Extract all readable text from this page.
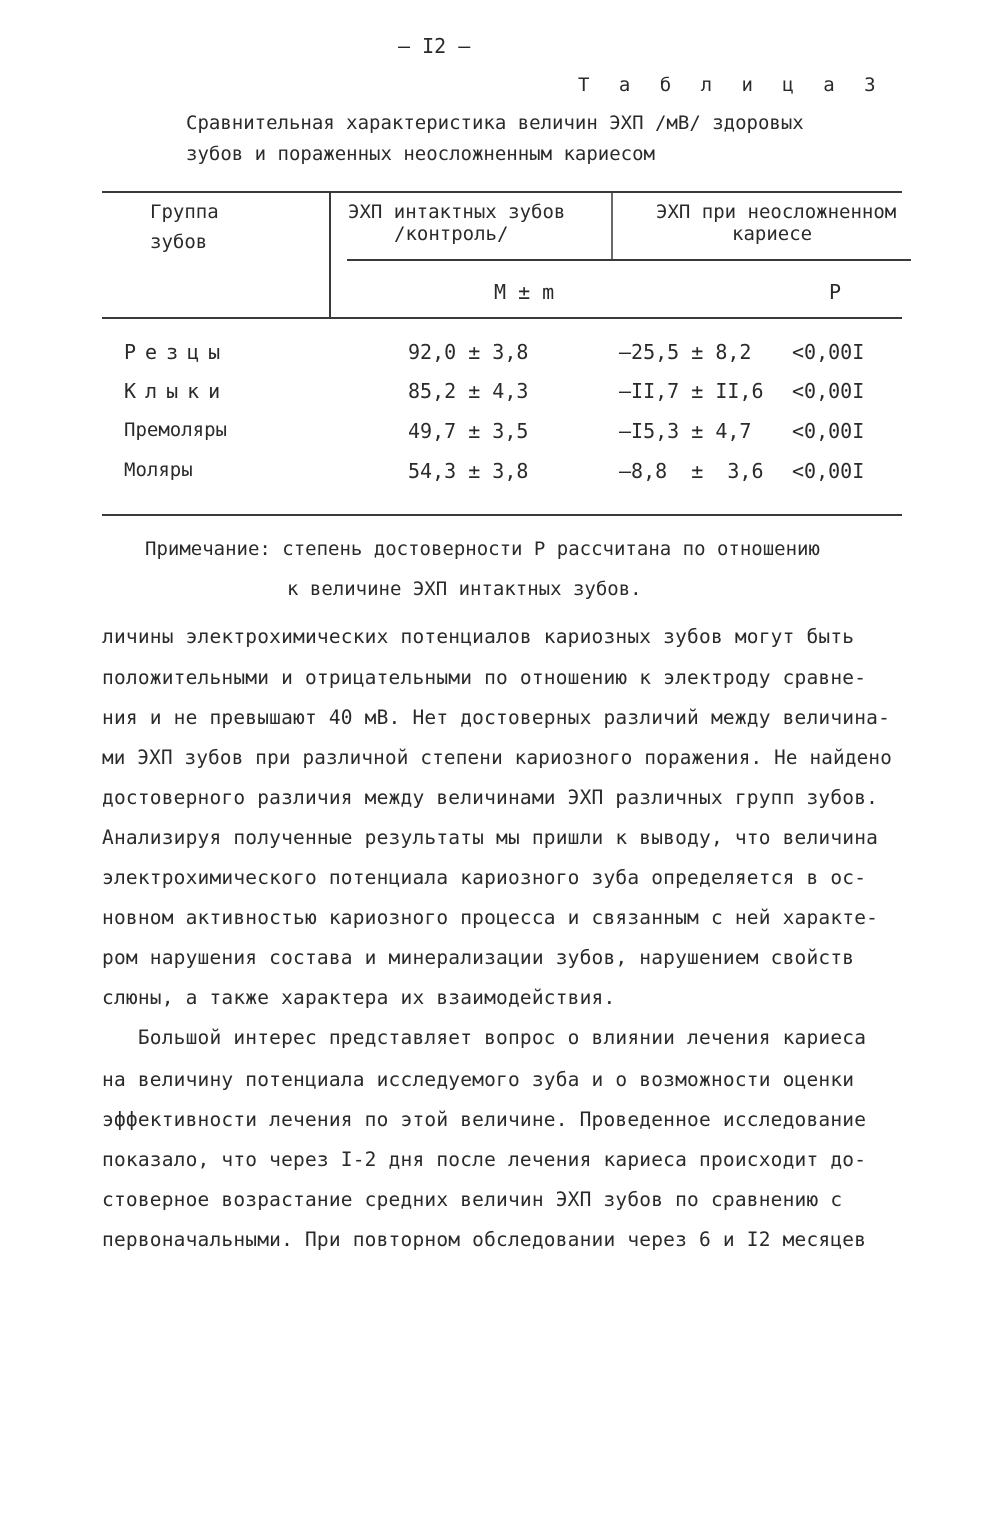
– I2 –
Т а б л и ц а 3
Сравнительная характеристика величин ЭХП /мВ/ здоровых
зубов и пораженных неосложненным кариесом
Группа
зубов
ЭХП интактных зубов
/контроль/
ЭХП при неосложненном
кариесе
M ± m	P
Резцы	92,0 ± 3,8	–25,5 ± 8,2 <0,00I
Клыки	85,2 ± 4,3	–II,7 ± II,6 <0,00I
Премоляры	49,7 ± 3,5	–I5,3 ± 4,7 <0,00I
Моляры	54,3 ± 3,8	–8,8  ±  3,6 <0,00I
Примечание: степень достоверности Р рассчитана по отношению
к величине ЭХП интактных зубов.
личины электрохимических потенциалов кариозных зубов могут быть
положительными и отрицательными по отношению к электроду сравне-
ния и не превышают 40 мВ. Нет достоверных различий между величина-
ми ЭХП зубов при различной степени кариозного поражения. Не найдено
достоверного различия между величинами ЭХП различных групп зубов.
Анализируя полученные результаты мы пришли к выводу, что величина
электрохимического потенциала кариозного зуба определяется в ос-
новном активностью кариозного процесса и связанным с ней характе-
ром нарушения состава и минерализации зубов, нарушением свойств
слюны, а также характера их взаимодействия.
Большой интерес представляет вопрос о влиянии лечения кариеса
на величину потенциала исследуемого зуба и о возможности оценки
эффективности лечения по этой величине. Проведенное исследование
показало, что через I-2 дня после лечения кариеса происходит до-
стоверное возрастание средних величин ЭХП зубов по сравнению с
первоначальными. При повторном обследовании через 6 и I2 месяцев
